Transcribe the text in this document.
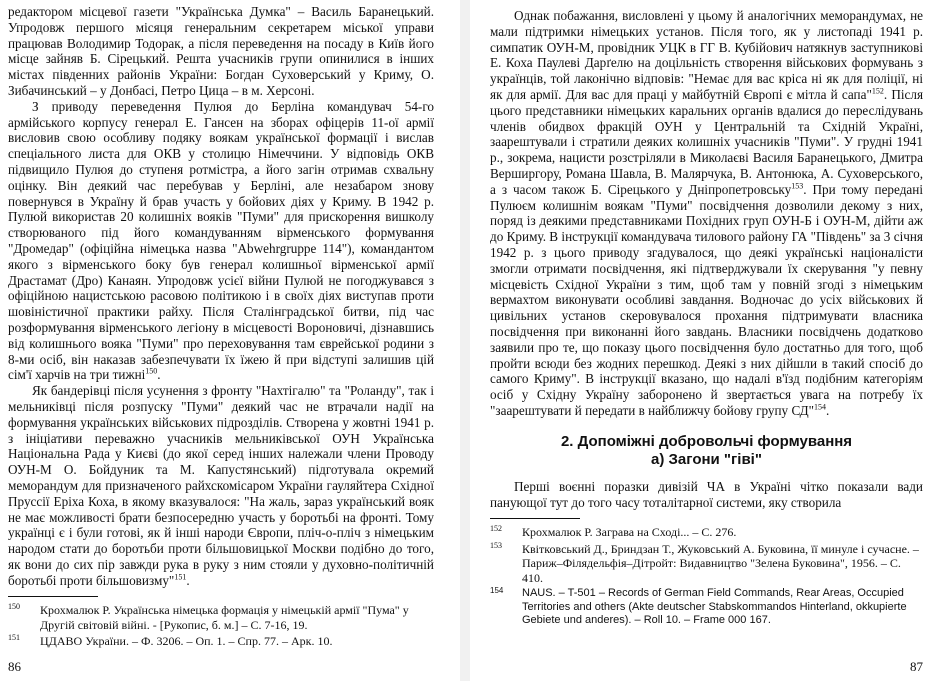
редактором місцевої газети "Українська Думка" – Василь Баранецький. Упродовж першого місяця генеральним секретарем міської управи працював Володимир Тодорак, а після переведення на посаду в Київ його місце зайняв Б. Сірецький. Решта учасників групи опинилися в інших містах південних районів України: Богдан Суховерський у Криму, О. Зибачинський – у Донбасі, Петро Цица – в м. Херсоні.

З приводу переведення Пулюя до Берліна командувач 54-го армійського корпусу генерал Е. Гансен на зборах офіцерів 11-ої армії висловив свою особливу подяку воякам української формації і вислав спеціального листа для ОКВ у столицю Німеччини. У відповідь ОКВ підвищило Пулюя до ступеня ротмістра, а його загін отримав схвальну оцінку. Він деякий час перебував у Берліні, але незабаром знову повернувся в Україну й брав участь у бойових діях у Криму. В 1942 р. Пулюй використав 20 колишніх вояків "Пуми" для прискорення вишколу створюваного під його командуванням вірменського формування "Дромедар" (офіційна німецька назва "Abwehrgruppe 114"), командантом якого з вірменського боку був генерал колишньої вірменської армії Драстамат (Дро) Канаян. Упродовж усієї війни Пулюй не погоджувався з офіційною нацистською расовою політикою і в своїх діях виступав проти шовіністичної практики райху. Після Сталінградської битви, під час розформування вірменського легіону в місцевості Вороновичі, дізнавшись від колишнього вояка "Пуми" про переховування там єврейської родини з 8-ми осіб, він наказав забезпечувати їх їжею й при відступі залишив цій сім'ї харчів на три тижні$^{150}$.

Як бандерівці після усунення з фронту "Нахтігалю" та "Роланду", так і мельниківці після розпуску "Пуми" деякий час не втрачали надії на формування українських військових підрозділів. Створена у жовтні 1941 р. з ініціативи переважно учасників мельниківської ОУН Українська Національна Рада у Києві (до якої серед інших належали члени Проводу ОУН-М О. Бойдуник та М. Капустянський) підготувала окремий меморандум для призначеного райхскомісаром України гауляйтера Східної Пруссії Еріха Коха, в якому вказувалося: "На жаль, зараз український вояк не має можливості брати безпосередню участь у боротьбі на фронті. Тому українці є і були готові, як й інші народи Європи, пліч-о-пліч з німецьким народом стати до боротьби проти більшовицької Москви подібно до того, як вони до сих пір завжди рука в руку з ним стояли у духовно-політичній боротьбі проти більшовизму"$^{151}$.

150 Крохмалюк Р. Українська німецька формація у німецькій армії "Пума" у Другій світовій війні. - [Рукопис, б. м.] – С. 7-16, 19.

151 ЦДАВО України. – Ф. 3206. – Оп. 1. – Спр. 77. – Арк. 10.

86

Однак побажання, висловлені у цьому й аналогічних меморандумах, не мали підтримки німецьких установ. Після того, як у листопаді 1941 р. симпатик ОУН-М, провідник УЦК в ГГ В. Кубійович натякнув заступникові Е. Коха Паулеві Дарґелю на доцільність створення військових формувань з українців, той лаконічно відповів: "Немає для вас кріса ні як для поліції, ні як для армії. Для вас для праці у майбутній Європі є мітла й сапа"$^{152}$. Після цього представники німецьких каральних органів вдалися до переслідувань членів обидвох фракцій ОУН у Центральній та Східній Україні, заарештували і стратили деяких колишніх учасників "Пуми". У грудні 1941 р., зокрема, нацисти розстріляли в Миколаєві Василя Баранецького, Дмитра Верширгору, Романа Шавла, В. Малярчука, В. Антонюка, А. Суховерського, а з часом також Б. Сірецького у Дніпропетровську$^{153}$. При тому передані Пулюєм колишнім воякам "Пуми" посвідчення дозволили декому з них, поряд із деякими представниками Похідних груп ОУН-Б і ОУН-М, дійти аж до Криму. В інструкції командувача тилового району ГА "Південь" за 3 січня 1942 р. з цього приводу згадувалося, що деякі українські націоналісти змогли отримати посвідчення, які підтверджували їх скерування "у певну місцевість Східної України з тим, щоб там у повній згоді з німецьким вермахтом виконувати особливі завдання. Водночас до усіх військових й цивільних установ скеровувалося прохання підтримувати власника посвідчення при виконанні його завдань. Власники посвідчень додатково заявили про те, що показу цього посвідчення було достатньо для того, щоб пройти всюди без жодних перешкод. Деякі з них дійшли в такий спосіб до самого Криму". В інструкції вказано, що надалі в'їзд подібним категоріям осіб у Східну Україну заборонено й звертається увага на потребу їх "заарештувати й передати в найближчу бойову групу СД"$^{154}$.

2. Допоміжні добровольчі формування
а) Загони "гіві"

Перші воєнні поразки дивізій ЧА в Україні чітко показали вади панующої тут до того часу тоталітарної системи, яку створила

152 Крохмалюк Р. Заграва на Сході... – С. 276.

153 Квітковський Д., Бриндзан Т., Жуковський А. Буковина, її минуле і сучасне. – Париж–Філядельфія–Дітройт: Видавництво "Зелена Буковина", 1956. – С. 410.

154 NAUS. – T-501 – Records of German Field Commands, Rear Areas, Occupied Territories and others (Akte deutscher Stabskommandos Hinterland, okkupierte Gebiete und anderes). – Roll 10. – Frame 000 167.

87
